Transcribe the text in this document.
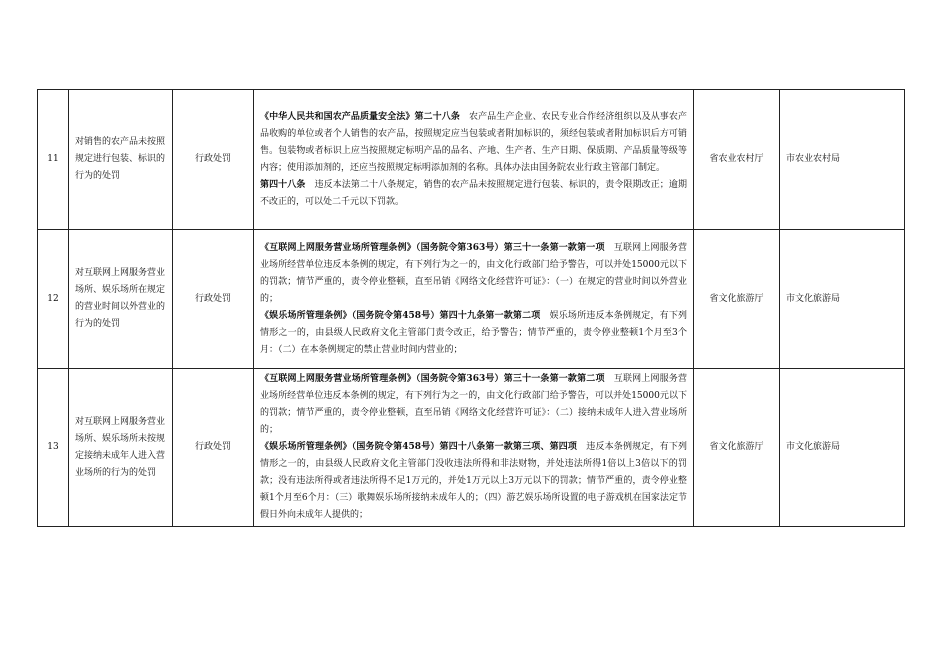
11	对销售的农产品未按照规定进行包装、标识的行为的处罚	行政处罚	《中华人民共和国农产品质量安全法》第二十八条　农产品生产企业、农民专业合作经济组织以及从事农产品收购的单位或者个人销售的农产品，按照规定应当包装或者附加标识的，须经包装或者附加标识后方可销售。包装物或者标识上应当按照规定标明产品的品名、产地、生产者、生产日期、保质期、产品质量等级等内容；使用添加剂的，还应当按照规定标明添加剂的名称。具体办法由国务院农业行政主管部门制定。

第四十八条　违反本法第二十八条规定，销售的农产品未按照规定进行包装、标识的，责令限期改正；逾期不改正的，可以处二千元以下罚款。	省农业农村厅	市农业农村局
12	对互联网上网服务营业场所、娱乐场所在规定的营业时间以外营业的行为的处罚	行政处罚	《互联网上网服务营业场所管理条例》（国务院令第363号）第三十一条第一款第一项　互联网上网服务营业场所经营单位违反本条例的规定，有下列行为之一的，由文化行政部门给予警告，可以并处15000元以下的罚款；情节严重的，责令停业整顿，直至吊销《网络文化经营许可证》：（一）在规定的营业时间以外营业的；

《娱乐场所管理条例》（国务院令第458号）第四十九条第一款第二项　娱乐场所违反本条例规定，有下列情形之一的，由县级人民政府文化主管部门责令改正，给予警告；情节严重的，责令停业整顿1个月至3个月：（二）在本条例规定的禁止营业时间内营业的；	省文化旅游厅	市文化旅游局
13	对互联网上网服务营业场所、娱乐场所未按规定接纳未成年人进入营业场所的行为的处罚	行政处罚	《互联网上网服务营业场所管理条例》（国务院令第363号）第三十一条第一款第二项　互联网上网服务营业场所经营单位违反本条例的规定，有下列行为之一的，由文化行政部门给予警告，可以并处15000元以下的罚款；情节严重的，责令停业整顿，直至吊销《网络文化经营许可证》：（二）接纳未成年人进入营业场所的；

《娱乐场所管理条例》（国务院令第458号）第四十八条第一款第三项、第四项　违反本条例规定，有下列情形之一的，由县级人民政府文化主管部门没收违法所得和非法财物，并处违法所得1倍以上3倍以下的罚款；没有违法所得或者违法所得不足1万元的，并处1万元以上3万元以下的罚款；情节严重的，责令停业整顿1个月至6个月：（三）歌舞娱乐场所接纳未成年人的；（四）游艺娱乐场所设置的电子游戏机在国家法定节假日外向未成年人提供的；	省文化旅游厅	市文化旅游局
